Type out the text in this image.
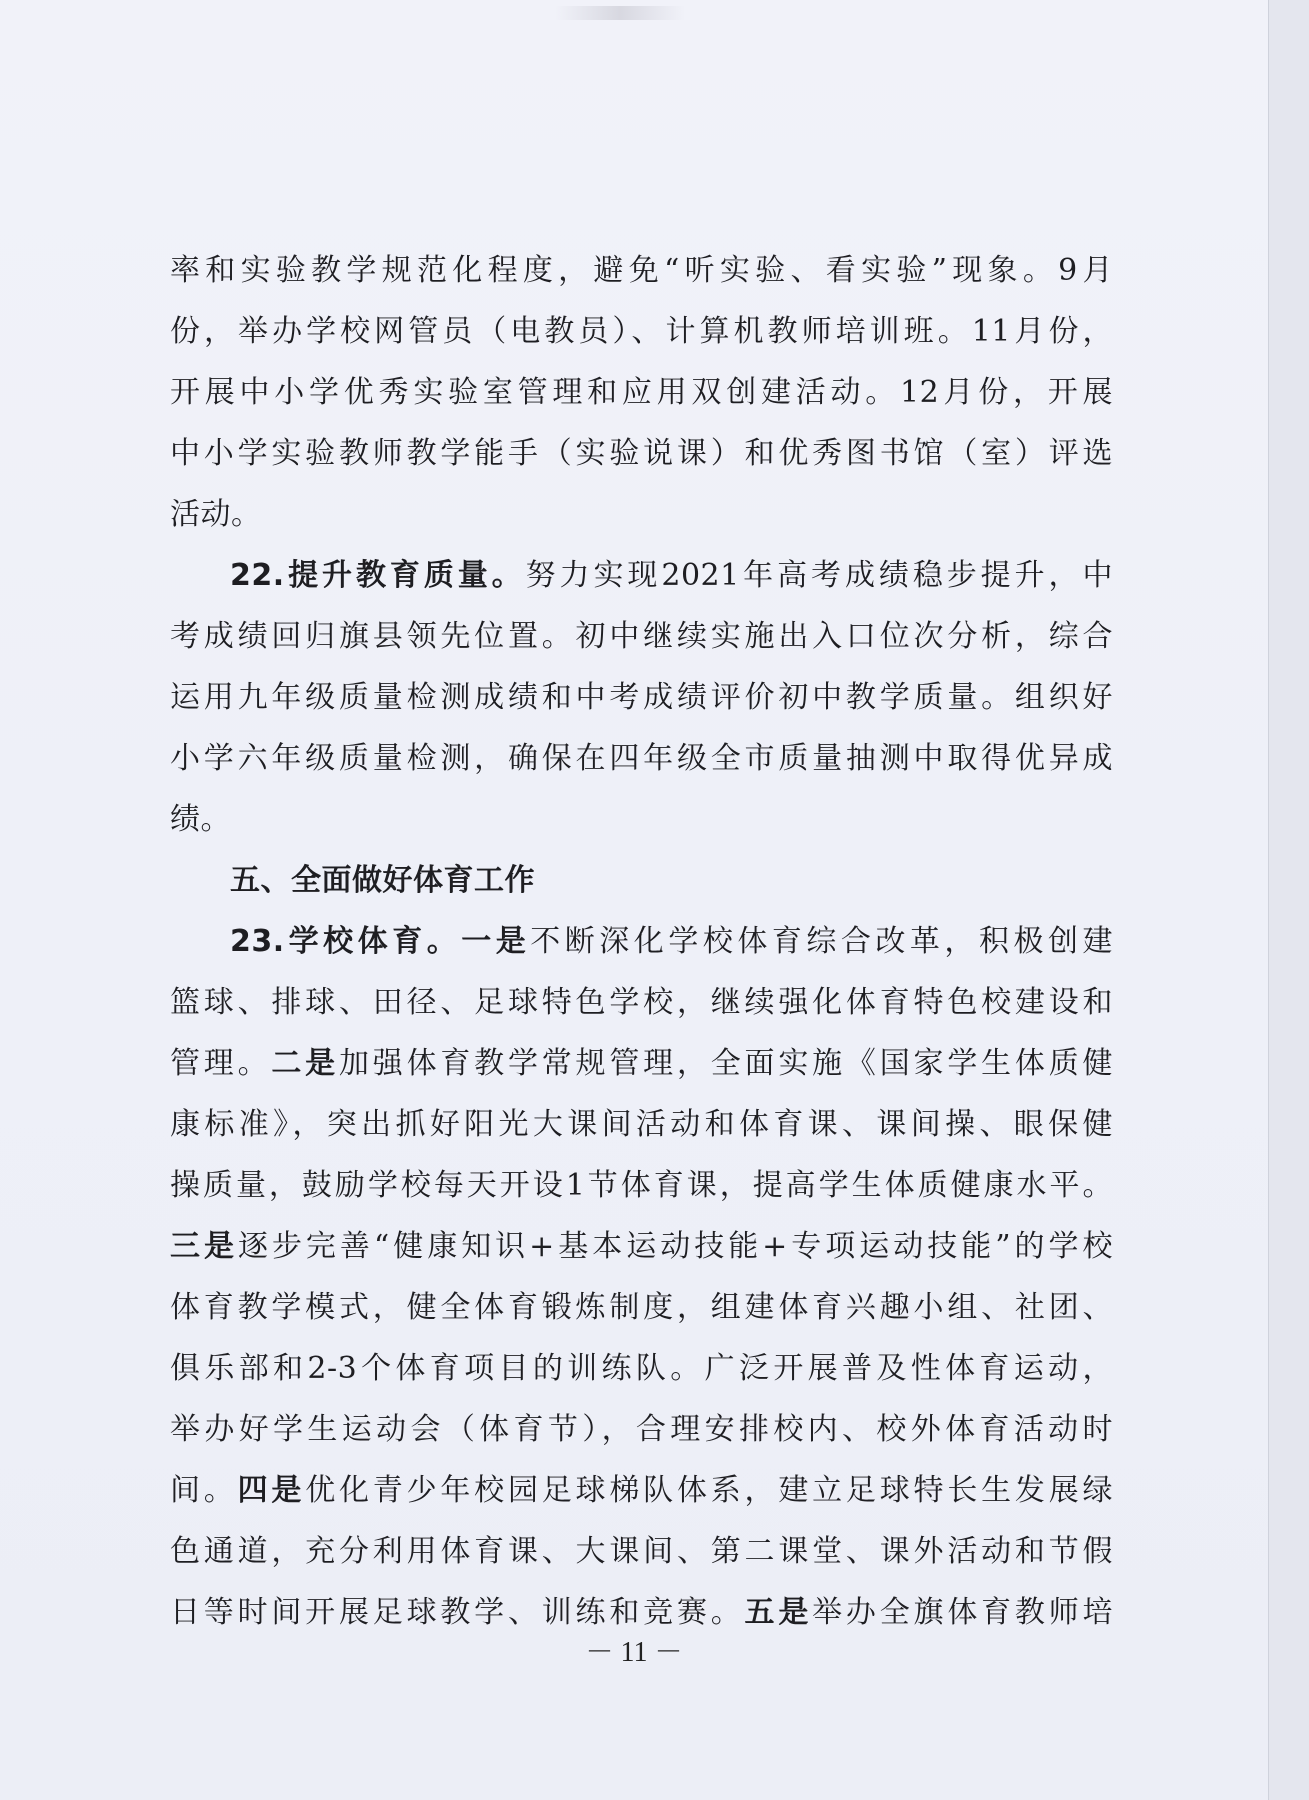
率和实验教学规范化程度，避免“听实验、看实验”现象。9月
份，举办学校网管员（电教员）、计算机教师培训班。11月份，
开展中小学优秀实验室管理和应用双创建活动。12月份，开展
中小学实验教师教学能手（实验说课）和优秀图书馆（室）评选
活动。
22.提升教育质量。努力实现2021年高考成绩稳步提升，中
考成绩回归旗县领先位置。初中继续实施出入口位次分析，综合
运用九年级质量检测成绩和中考成绩评价初中教学质量。组织好
小学六年级质量检测，确保在四年级全市质量抽测中取得优异成
绩。
五、全面做好体育工作
23.学校体育。一是不断深化学校体育综合改革，积极创建
篮球、排球、田径、足球特色学校，继续强化体育特色校建设和
管理。二是加强体育教学常规管理，全面实施《国家学生体质健
康标准》，突出抓好阳光大课间活动和体育课、课间操、眼保健
操质量，鼓励学校每天开设1节体育课，提高学生体质健康水平。
三是逐步完善“健康知识+基本运动技能+专项运动技能”的学校
体育教学模式，健全体育锻炼制度，组建体育兴趣小组、社团、
俱乐部和2-3个体育项目的训练队。广泛开展普及性体育运动，
举办好学生运动会（体育节），合理安排校内、校外体育活动时
间。四是优化青少年校园足球梯队体系，建立足球特长生发展绿
色通道，充分利用体育课、大课间、第二课堂、课外活动和节假
日等时间开展足球教学、训练和竞赛。五是举办全旗体育教师培
－ 11 －
